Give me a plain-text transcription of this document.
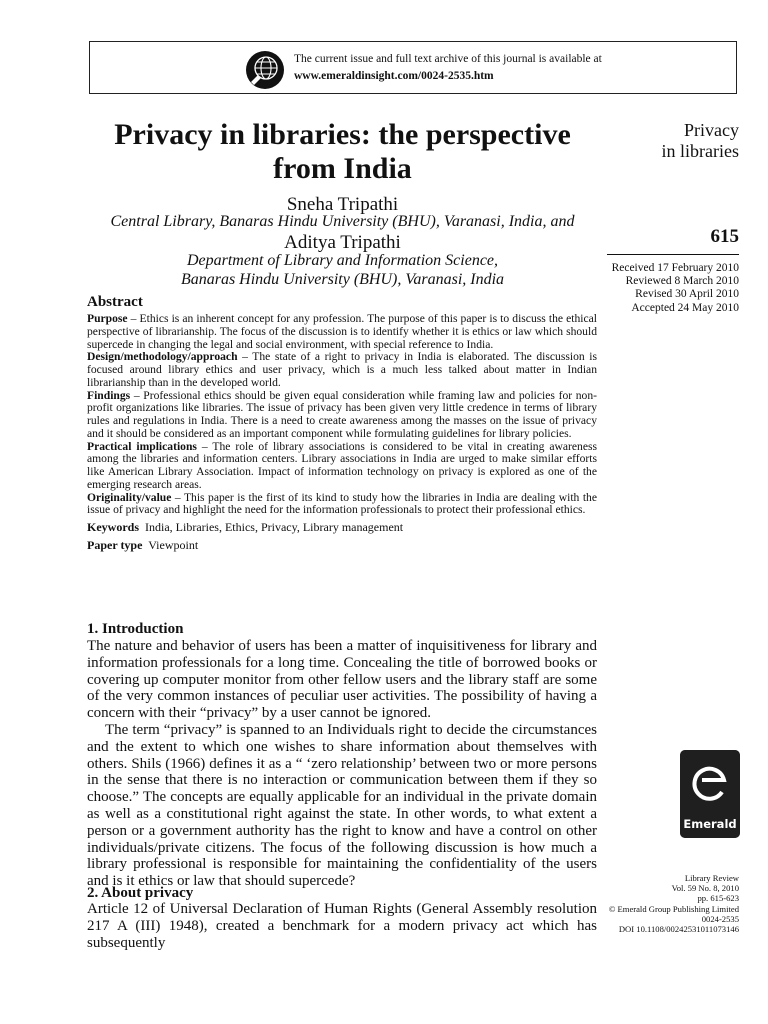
The current issue and full text archive of this journal is available at
www.emeraldinsight.com/0024-2535.htm
Privacy in libraries: the perspective from India
Sneha Tripathi
Central Library, Banaras Hindu University (BHU), Varanasi, India, and
Aditya Tripathi
Department of Library and Information Science,
Banaras Hindu University (BHU), Varanasi, India
Privacy
in libraries
615
Received 17 February 2010
Reviewed 8 March 2010
Revised 30 April 2010
Accepted 24 May 2010
Abstract

Purpose – Ethics is an inherent concept for any profession. The purpose of this paper is to discuss the ethical perspective of librarianship. The focus of the discussion is to identify whether it is ethics or law which should supercede in changing the legal and social environment, with special reference to India.

Design/methodology/approach – The state of a right to privacy in India is elaborated. The discussion is focused around library ethics and user privacy, which is a much less talked about matter in Indian librarianship than in the developed world.

Findings – Professional ethics should be given equal consideration while framing law and policies for non-profit organizations like libraries. The issue of privacy has been given very little credence in terms of library rules and regulations in India. There is a need to create awareness among the masses on the issue of privacy and it should be considered as an important component while formulating guidelines for library policies.

Practical implications – The role of library associations is considered to be vital in creating awareness among the libraries and information centers. Library associations in India are urged to make similar efforts like American Library Association. Impact of information technology on privacy is explored as one of the emerging research areas.

Originality/value – This paper is the first of its kind to study how the libraries in India are dealing with the issue of privacy and highlight the need for the information professionals to protect their professional ethics.

Keywords India, Libraries, Ethics, Privacy, Library management

Paper type Viewpoint

1. Introduction

The nature and behavior of users has been a matter of inquisitiveness for library and information professionals for a long time. Concealing the title of borrowed books or covering up computer monitor from other fellow users and the library staff are some of the very common instances of peculiar user activities. The possibility of having a concern with their “privacy” by a user cannot be ignored.

The term “privacy” is spanned to an Individuals right to decide the circumstances and the extent to which one wishes to share information about themselves with others. Shils (1966) defines it as a “ ‘zero relationship’ between two or more persons in the sense that there is no interaction or communication between them if they so choose.” The concepts are equally applicable for an individual in the private domain as well as a constitutional right against the state. In other words, to what extent a person or a government authority has the right to know and have a control on other individuals/private citizens. The focus of the following discussion is how much a library professional is responsible for maintaining the confidentiality of the users and is it ethics or law that should supercede?

2. About privacy

Article 12 of Universal Declaration of Human Rights (General Assembly resolution 217 A (III) 1948), created a benchmark for a modern privacy act which has subsequently

Emerald
Library Review
Vol. 59 No. 8, 2010
pp. 615-623
© Emerald Group Publishing Limited
0024-2535
DOI 10.1108/00242531011073146
